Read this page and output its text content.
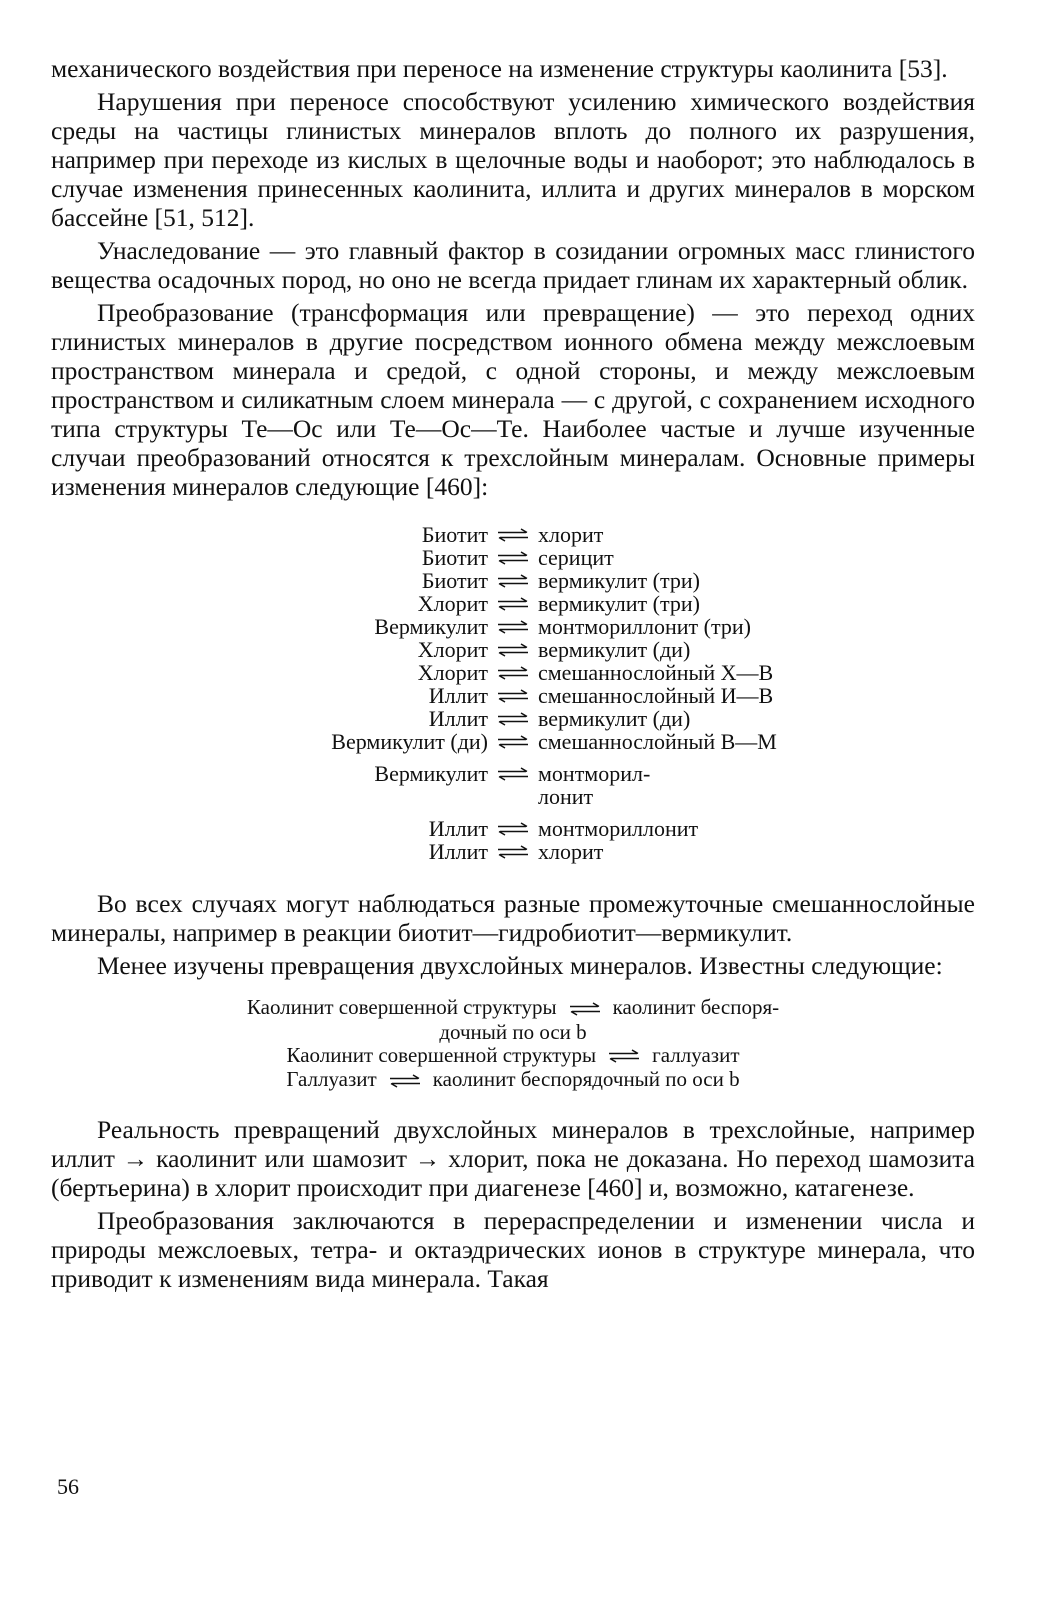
механического воздействия при переносе на изменение структуры каолинита [53].

Нарушения при переносе способствуют усилению химического воздействия среды на частицы глинистых минералов вплоть до полного их разрушения, например при переходе из кислых в щелочные воды и наоборот; это наблюдалось в случае изменения принесенных каолинита, иллита и других минералов в морском бассейне [51, 512].

Унаследование — это главный фактор в созидании огромных масс глинистого вещества осадочных пород, но оно не всегда придает глинам их характерный облик.

Преобразование (трансформация или превращение) — это переход одних глинистых минералов в другие посредством ионного обмена между межслоевым пространством минерала и средой, с одной стороны, и между межслоевым пространством и силикатным слоем минерала — с другой, с сохранением исходного типа структуры Те—Ос или Те—Ос—Те. Наиболее частые и лучше изученные случаи преобразований относятся к трехслойным минералам. Основные примеры изменения минералов следующие [460]:

Биотит ⇌ хлорит
Биотит ⇌ серицит
Биотит ⇌ вермикулит (три)
Хлорит ⇌ вермикулит (три)
Вермикулит ⇌ монтмориллонит (три)
Хлорит ⇌ вермикулит (ди)
Хлорит ⇌ смешаннослойный Х—В
Иллит ⇌ смешаннослойный И—В
Иллит ⇌ вермикулит (ди)
Вермикулит (ди) ⇌ смешаннослойный В—М
Вермикулит ⇌ монтморил-
лонит
Иллит ⇌ монтмориллонит
Иллит ⇌ хлорит

Во всех случаях могут наблюдаться разные промежуточные смешаннослойные минералы, например в реакции биотит—гидробиотит—вермикулит.

Менее изучены превращения двухслойных минералов. Известны следующие:

Каолинит совершенной структуры ⇌ каолинит беспоря-
дочный по оси b
Каолинит совершенной структуры ⇌ галлуазит
Галлуазит ⇌ каолинит беспорядочный по оси b

Реальность превращений двухслойных минералов в трехслойные, например иллит → каолинит или шамозит → хлорит, пока не доказана. Но переход шамозита (бертьерина) в хлорит происходит при диагенезе [460] и, возможно, катагенезе.

Преобразования заключаются в перераспределении и изменении числа и природы межслоевых, тетра- и октаэдрических ионов в структуре минерала, что приводит к изменениям вида минерала. Такая

56
